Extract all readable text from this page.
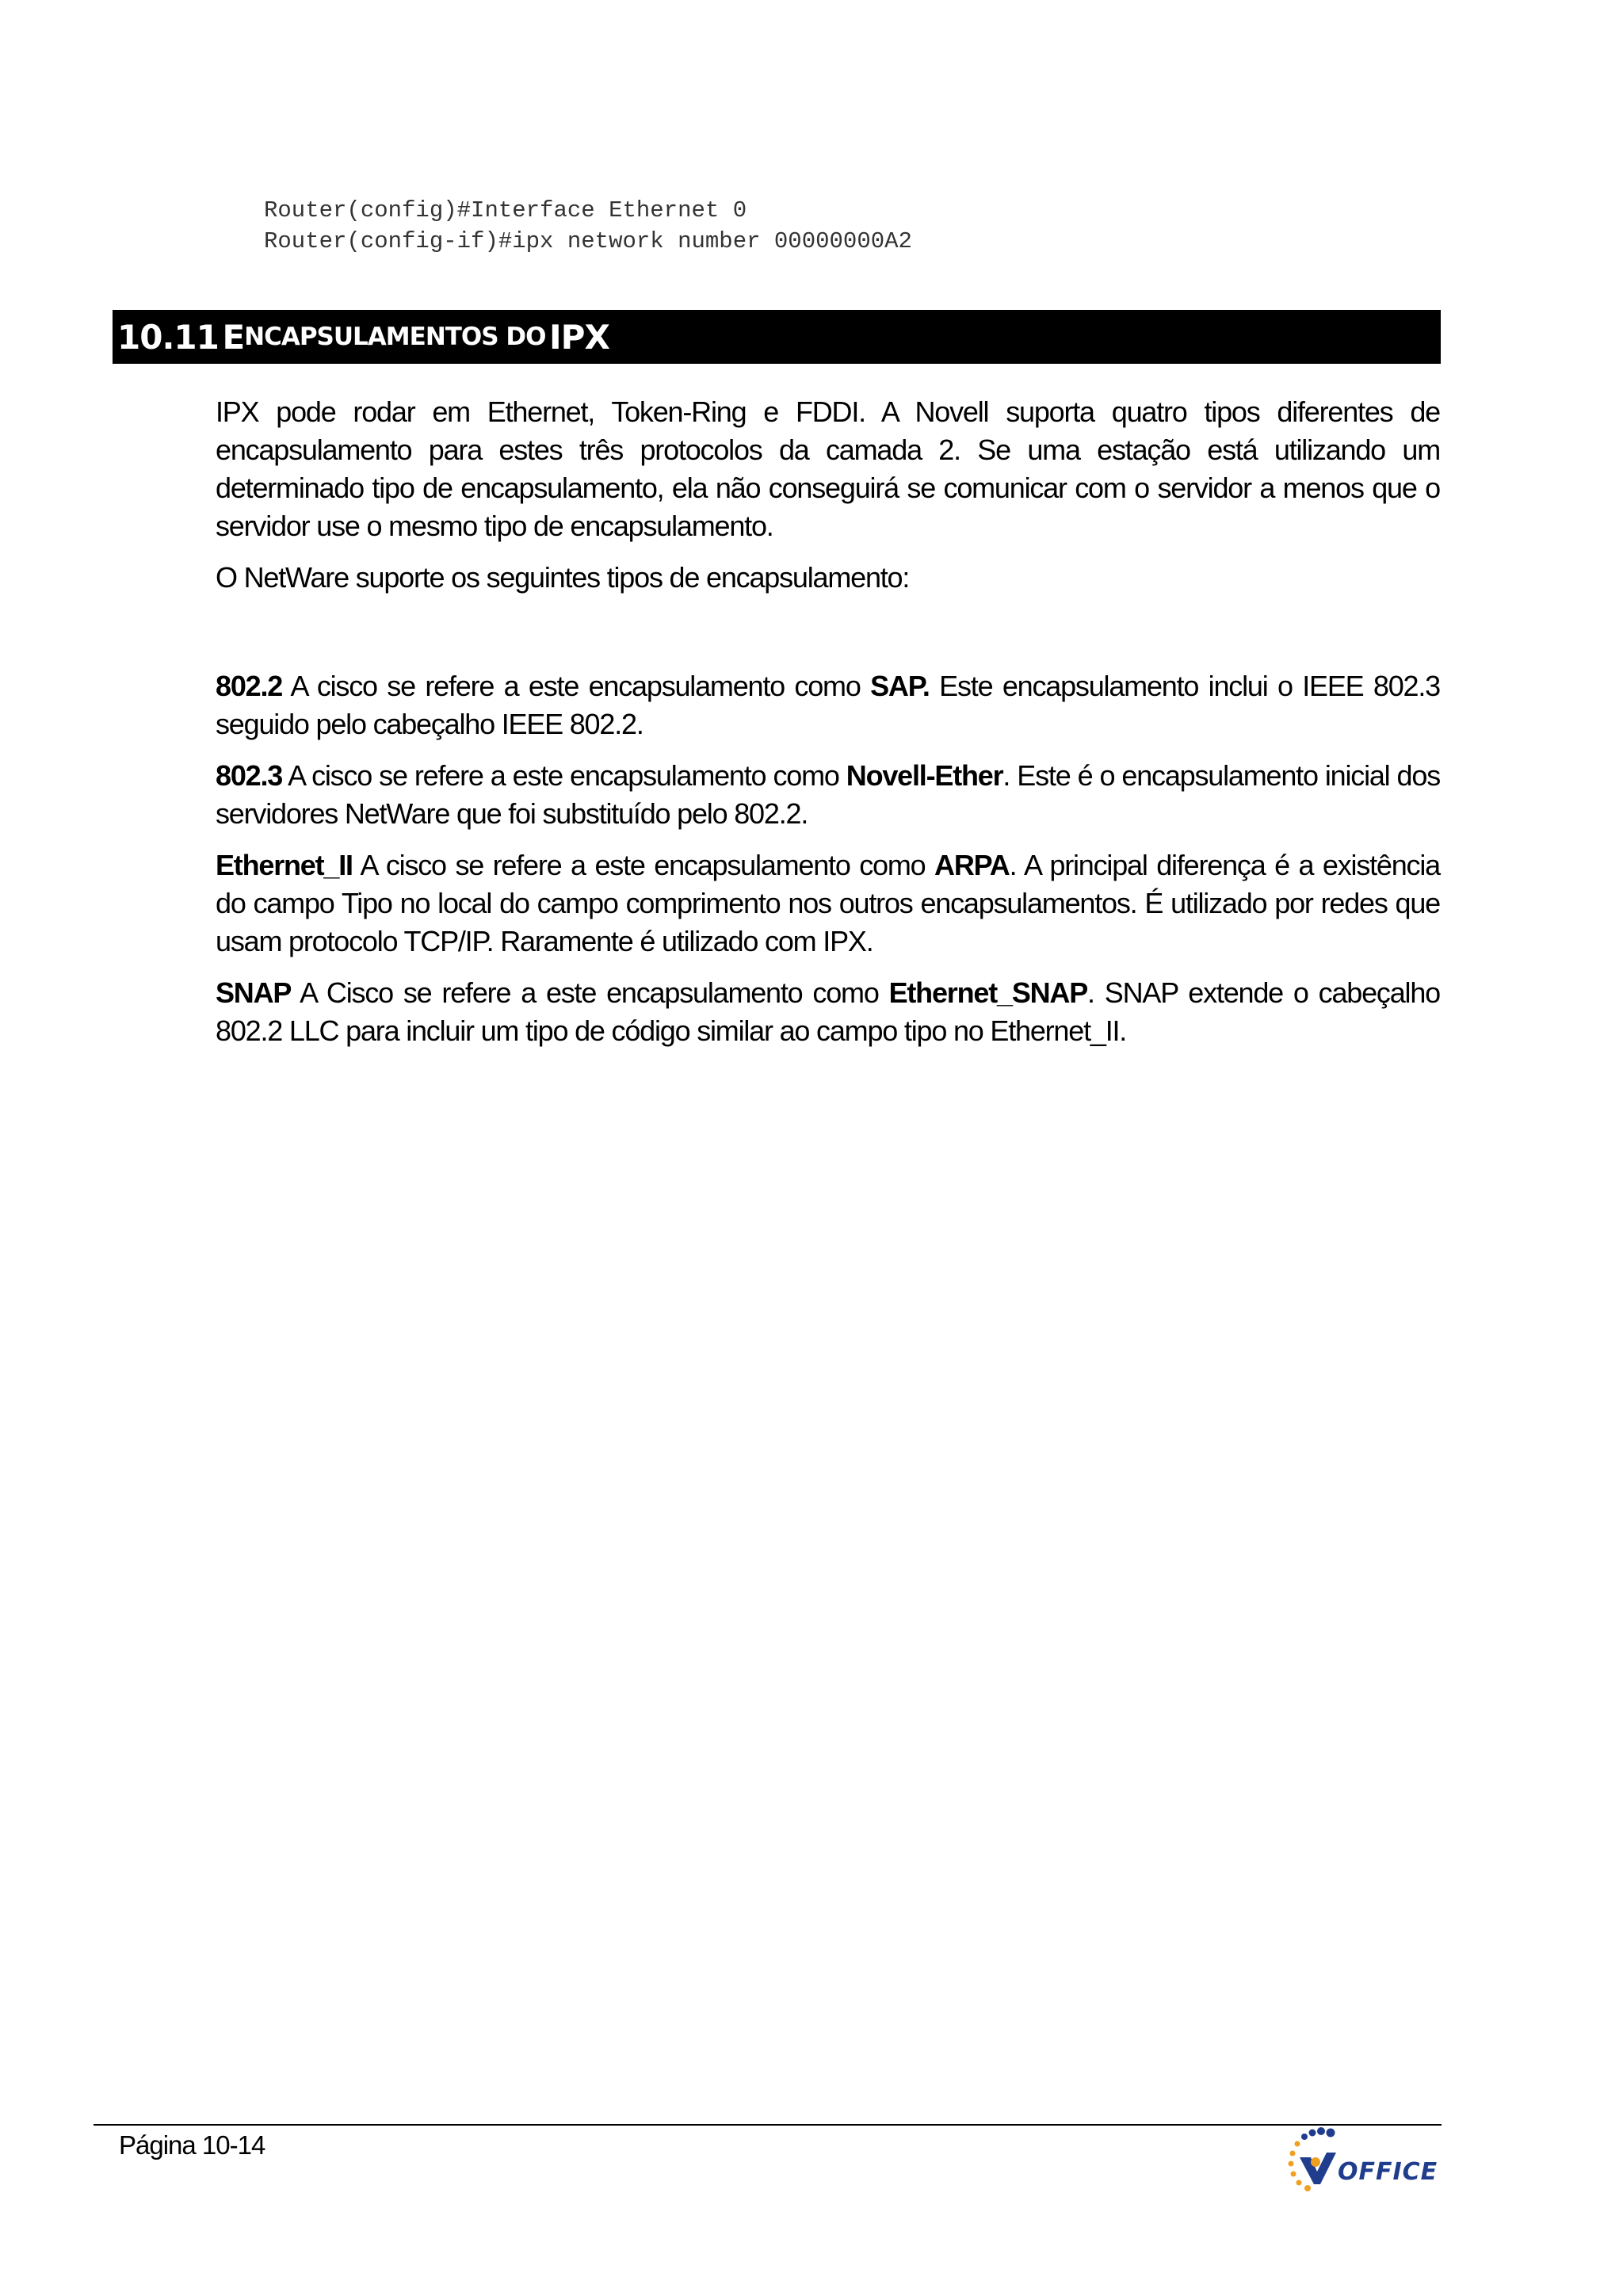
Router(config)#Interface Ethernet 0
Router(config-if)#ipx network number 00000000A2
10.11
E NCAPSULAMENTOS DO
IPX

IPX pode rodar em Ethernet, Token-Ring e FDDI. A Novell suporta quatro tipos diferentes de encapsulamento para estes três protocolos da camada 2. Se uma estação está utilizando um determinado tipo de encapsulamento, ela não conseguirá se comunicar com o servidor a menos que o servidor use o mesmo tipo de encapsulamento.

O NetWare suporte os seguintes tipos de encapsulamento:

802.2 A cisco se refere a este encapsulamento como SAP. Este encapsulamento inclui o IEEE 802.3 seguido pelo cabeçalho IEEE 802.2.

802.3 A cisco se refere a este encapsulamento como Novell-Ether. Este é o encapsulamento inicial dos servidores NetWare que foi substituído pelo 802.2.

Ethernet_II A cisco se refere a este encapsulamento como ARPA. A principal diferença é a existência do campo Tipo no local do campo comprimento nos outros encapsulamentos. É utilizado por redes que usam protocolo TCP/IP. Raramente é utilizado com IPX.

SNAP A Cisco se refere a este encapsulamento como Ethernet_SNAP. SNAP extende o cabeçalho 802.2 LLC para incluir um tipo de código similar ao campo tipo no Ethernet_II.

Página 10-14
OFFICE
